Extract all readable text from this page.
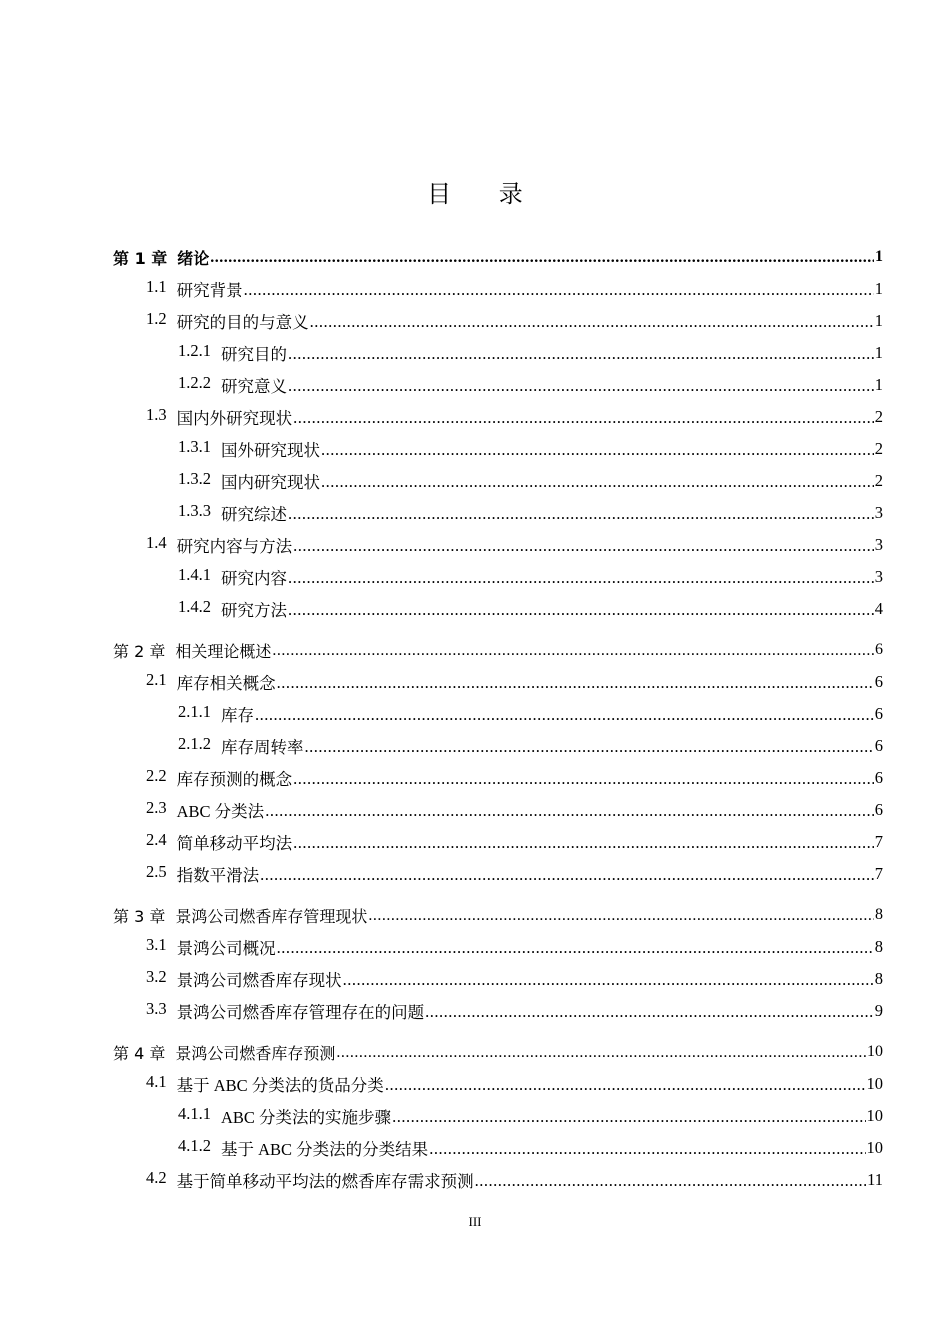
目 录
第 1 章 绪论 .....	1
1.1 研究背景 .....	1
1.2 研究的目的与意义 .....	1
1.2.1 研究目的 .....	1
1.2.2 研究意义 .....	1
1.3 国内外研究现状 .....	2
1.3.1 国外研究现状 .....	2
1.3.2 国内研究现状 .....	2
1.3.3 研究综述 .....	3
1.4 研究内容与方法 .....	3
1.4.1 研究内容 .....	3
1.4.2 研究方法 .....	4
第 2 章 相关理论概述 .....	6
2.1 库存相关概念 .....	6
2.1.1 库存 .....	6
2.1.2 库存周转率 .....	6
2.2 库存预测的概念 .....	6
2.3 ABC 分类法 .....	6
2.4 简单移动平均法 .....	7
2.5 指数平滑法 .....	7
第 3 章 景鸿公司燃香库存管理现状 .....	8
3.1 景鸿公司概况 .....	8
3.2 景鸿公司燃香库存现状 .....	8
3.3 景鸿公司燃香库存管理存在的问题 .....	9
第 4 章 景鸿公司燃香库存预测 .....	10
4.1 基于 ABC 分类法的货品分类 .....	10
4.1.1 ABC 分类法的实施步骤 .....	10
4.1.2 基于 ABC 分类法的分类结果 .....	10
4.2 基于简单移动平均法的燃香库存需求预测 .....	11
III
